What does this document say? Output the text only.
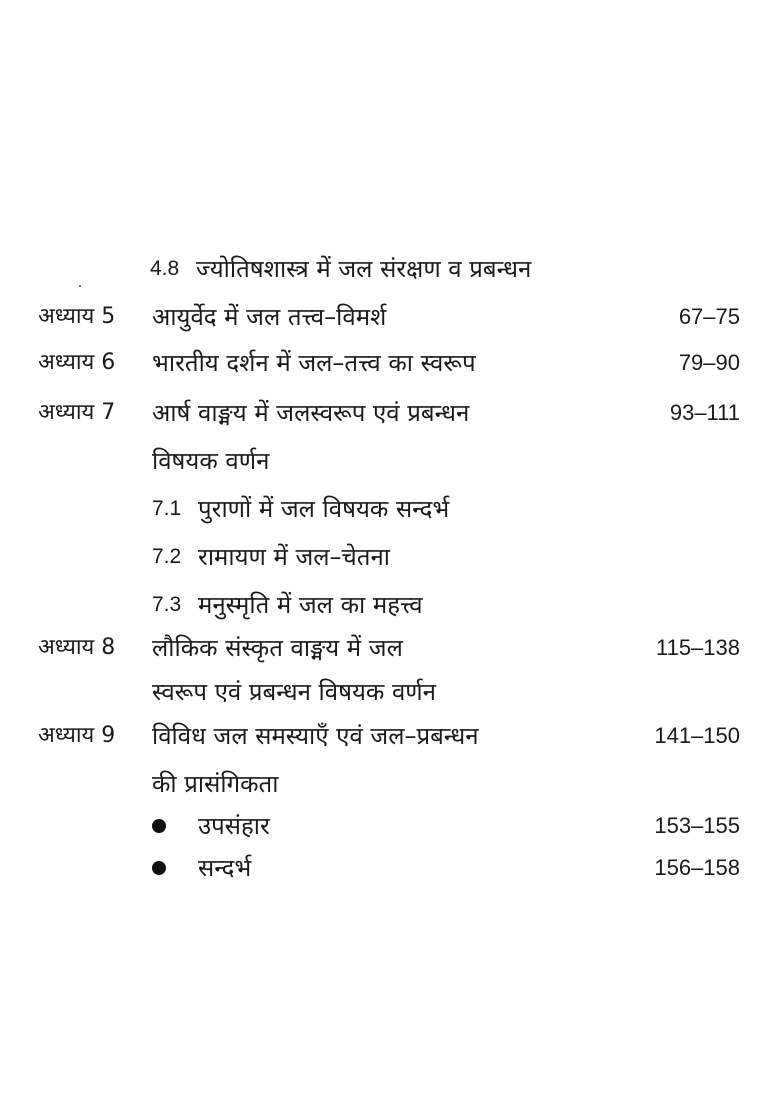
4.8 ज्योतिषशास्त्र में जल संरक्षण व प्रबन्धन
अध्याय 5 आयुर्वेद में जल तत्त्व–विमर्श	67–75
अध्याय 6 भारतीय दर्शन में जल–तत्त्व का स्वरूप	79–90
अध्याय 7 आर्ष वाङ्मय में जलस्वरूप एवं प्रबन्धन	93–111
विषयक वर्णन
7.1 पुराणों में जल विषयक सन्दर्भ
7.2 रामायण में जल–चेतना
7.3 मनुस्मृति में जल का महत्त्व
अध्याय 8 लौकिक संस्कृत वाङ्मय में जल	115–138
स्वरूप एवं प्रबन्धन विषयक वर्णन
अध्याय 9 विविध जल समस्याएँ एवं जल–प्रबन्धन	141–150
की प्रासंगिकता
उपसंहार	153–155
सन्दर्भ	156–158
